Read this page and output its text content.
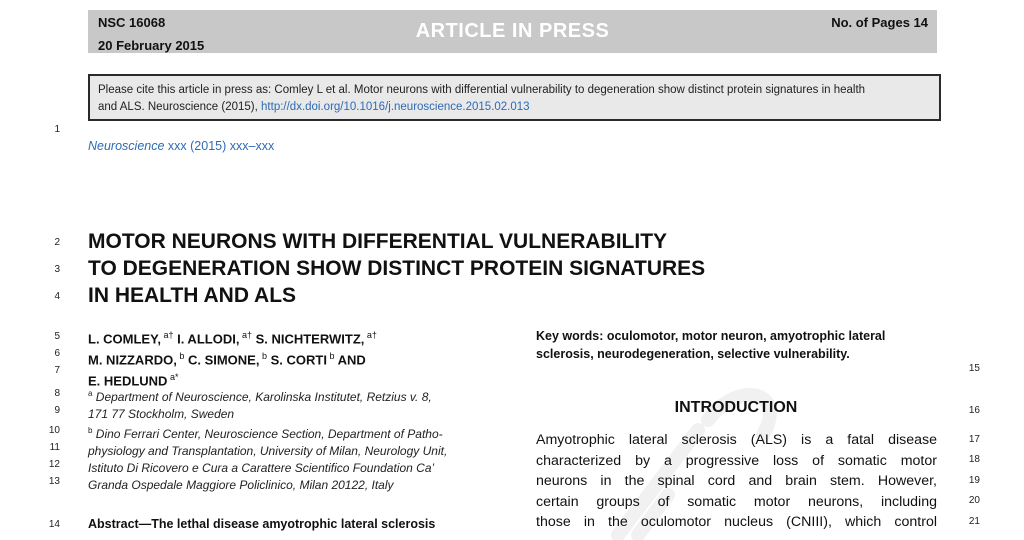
NSC 16068
20 February 2015
ARTICLE IN PRESS	No. of Pages 14
Please cite this article in press as: Comley L et al. Motor neurons with differential vulnerability to degeneration show distinct protein signatures in health
and ALS. Neuroscience (2015), http://dx.doi.org/10.1016/j.neuroscience.2015.02.013
Neuroscience xxx (2015) xxx–xxx
1
2
3
4
5
6
7
8
9
10
11
12
13
14
15
16
17
18
19
20
21
MOTOR NEURONS WITH DIFFERENTIAL VULNERABILITY
TO DEGENERATION SHOW DISTINCT PROTEIN SIGNATURES
IN HEALTH AND ALS
L. COMLEY, $^{a\dagger}$ I. ALLODI, $^{a\dagger}$ S. NICHTERWITZ, $^{a\dagger}$
M. NIZZARDO, $^b$ C. SIMONE, $^b$ S. CORTI $^b$ AND
E. HEDLUND $^{a*}$
$^a$ Department of Neuroscience, Karolinska Institutet, Retzius v. 8,
171 77 Stockholm, Sweden
$^b$ Dino Ferrari Center, Neuroscience Section, Department of Patho-
physiology and Transplantation, University of Milan, Neurology Unit,
Istituto Di Ricovero e Cura a Carattere Scientifico Foundation Ca’
Granda Ospedale Maggiore Policlinico, Milan 20122, Italy
Abstract—The lethal disease amyotrophic lateral sclerosis
Key words: oculomotor, motor neuron, amyotrophic lateral
sclerosis, neurodegeneration, selective vulnerability.
INTRODUCTION
Amyotrophic lateral sclerosis (ALS) is a fatal disease
characterized by a progressive loss of somatic motor
neurons in the spinal cord and brain stem. However,
certain groups of somatic motor neurons, including
those in the oculomotor nucleus (CNIII), which control
